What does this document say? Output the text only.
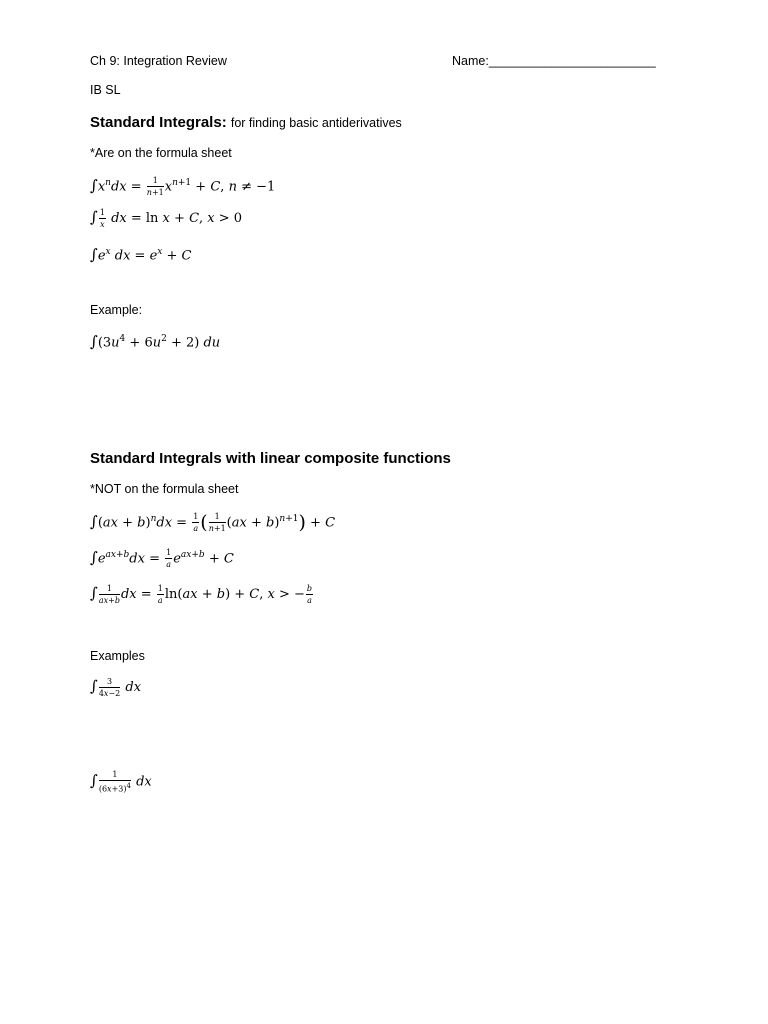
Ch 9: Integration Review	Name:________________________
IB SL
Standard Integrals: for finding basic antiderivatives
*Are on the formula sheet
$\int x^ndx = \frac{1}{n+1} x^{n+1} + C$, n ≠ −1
∫ $\frac{1}{x}$ dx = ln x + C, x > 0
$\int e^x$ dx = $e^x + C$
Example:
$\int(3u^4 + 6u^2 + 2)$ du
Standard Integrals with linear composite functions
*NOT on the formula sheet
$\int(ax + b)^ndx = \frac{1}{a}$ ( $\frac{1}{n+1} (ax + b)^{n+1}) + C$
$\int e^{ax+b}dx = \frac{1}{a} e^{ax+b} + C$
∫ $\frac{1}{ax+b}$ dx = $\frac{1}{a} \ln(ax + b) + C$, x > − $\frac{b}{a}$
Examples
∫ $\frac{3}{4x-2}$ dx
∫ $\frac{1}{(6x+3)^4}$ dx
